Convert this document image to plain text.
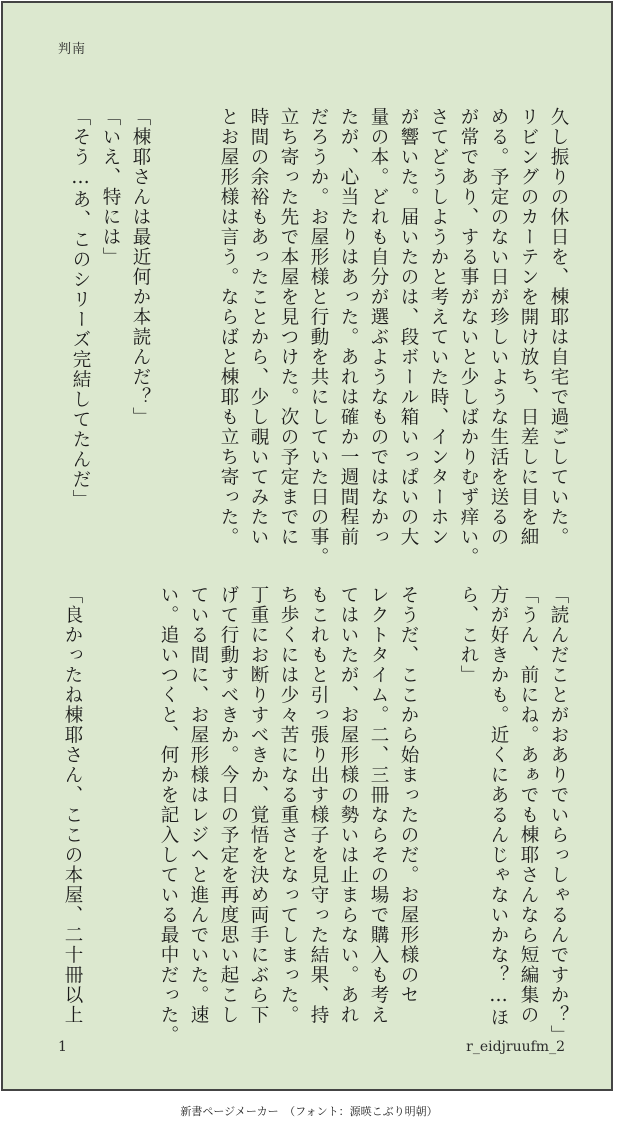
判南
久し振りの休日を、棟耶は自宅で過ごしていた。
リビングのカーテンを開け放ち、日差しに目を細
める。予定のない日が珍しいような生活を送るの
が常であり、する事がないと少しばかりむず痒い。
さてどうしようかと考えていた時、インターホン
が響いた。届いたのは、段ボール箱いっぱいの大
量の本。どれも自分が選ぶようなものではなかっ
たが、心当たりはあった。あれは確か一週間程前
だろうか。お屋形様と行動を共にしていた日の事。
立ち寄った先で本屋を見つけた。次の予定までに
時間の余裕もあったことから、少し覗いてみたい
とお屋形様は言う。ならばと棟耶も立ち寄った。
「棟耶さんは最近何か本読んだ？」
「いえ、特には」
「そう…あ、このシリーズ完結してたんだ」
「読んだことがおありでいらっしゃるんですか？」
「うん、前にね。あぁでも棟耶さんなら短編集の
方が好きかも。近くにあるんじゃないかな？…ほ
ら、これ」
そうだ、ここから始まったのだ。お屋形様のセ
レクトタイム。二、三冊ならその場で購入も考え
てはいたが、お屋形様の勢いは止まらない。あれ
もこれもと引っ張り出す様子を見守った結果、持
ち歩くには少々苦になる重さとなってしまった。
丁重にお断りすべきか、覚悟を決め両手にぶら下
げて行動すべきか。今日の予定を再度思い起こし
ている間に、お屋形様はレジへと進んでいた。速
い。追いつくと、何かを記入している最中だった。
「良かったね棟耶さん、ここの本屋、二十冊以上
1	r_eidjruufm_2
新書ページメーカー　（フォント：源暎こぶり明朝）
